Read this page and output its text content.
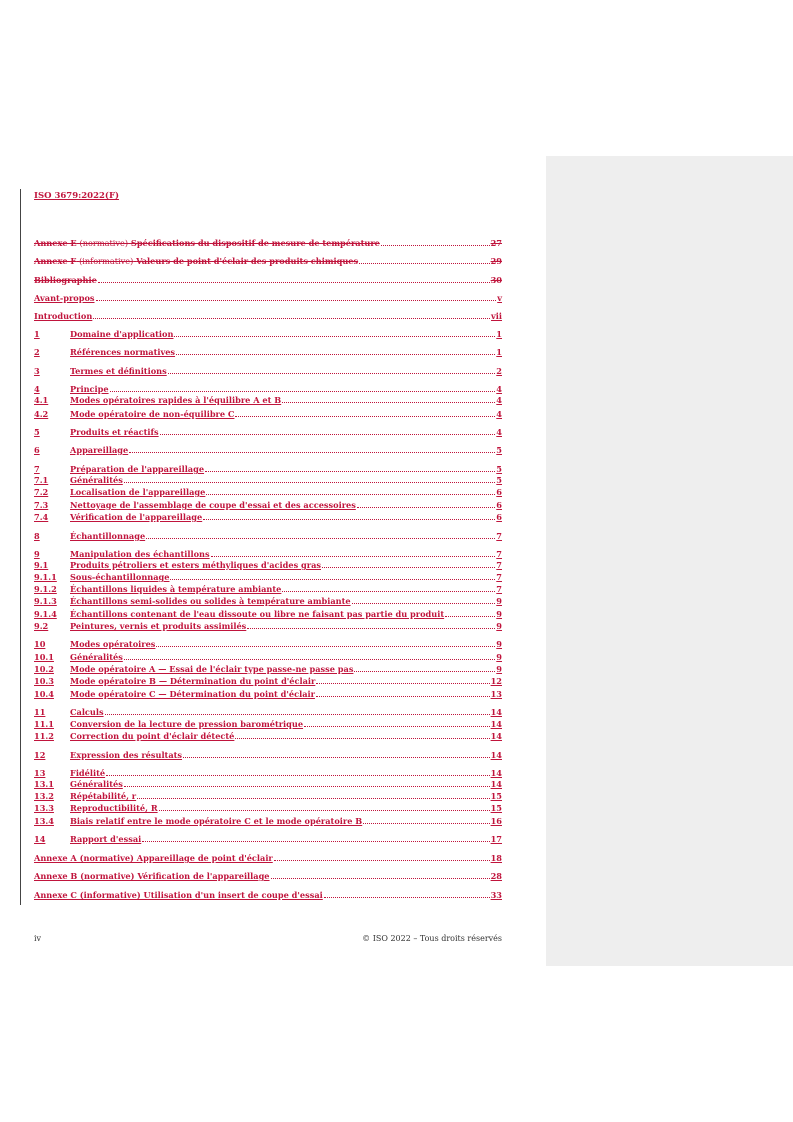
ISO 3679:2022(F)
Annexe E (normative) Spécifications du dispositif de mesure de température	27
Annexe F (informative) Valeurs de point d'éclair des produits chimiques	29
Bibliographie	30
Avant-propos	v
Introduction	vii
1	Domaine d'application	1
2	Références normatives	1
3	Termes et définitions	2
4	Principe	4
4.1	Modes opératoires rapides à l'équilibre A et B	4
4.2	Mode opératoire de non-équilibre C	4
5	Produits et réactifs	4
6	Appareillage	5
7	Préparation de l'appareillage	5
7.1	Généralités	5
7.2	Localisation de l'appareillage	6
7.3	Nettoyage de l'assemblage de coupe d'essai et des accessoires	6
7.4	Vérification de l'appareillage	6
8	Échantillonnage	7
9	Manipulation des échantillons	7
9.1	Produits pétroliers et esters méthyliques d'acides gras	7
9.1.1	Sous-échantillonnage	7
9.1.2	Échantillons liquides à température ambiante	7
9.1.3	Échantillons semi-solides ou solides à température ambiante	9
9.1.4	Échantillons contenant de l'eau dissoute ou libre ne faisant pas partie du produit	9
9.2	Peintures, vernis et produits assimilés	9
10	Modes opératoires	9
10.1	Généralités	9
10.2	Mode opératoire A — Essai de l'éclair type passe-ne passe pas	9
10.3	Mode opératoire B — Détermination du point d'éclair	12
10.4	Mode opératoire C — Détermination du point d'éclair	13
11	Calculs	14
11.1	Conversion de la lecture de pression barométrique	14
11.2	Correction du point d'éclair détecté	14
12	Expression des résultats	14
13	Fidélité	14
13.1	Généralités	14
13.2	Répétabilité, r	15
13.3	Reproductibilité, R	15
13.4	Biais relatif entre le mode opératoire C et le mode opératoire B	16
14	Rapport d'essai	17
Annexe A (normative) Appareillage de point d'éclair	18
Annexe B (normative) Vérification de l'appareillage	28
Annexe C (informative) Utilisation d'un insert de coupe d'essai	33
iv	© ISO 2022 – Tous droits réservés
